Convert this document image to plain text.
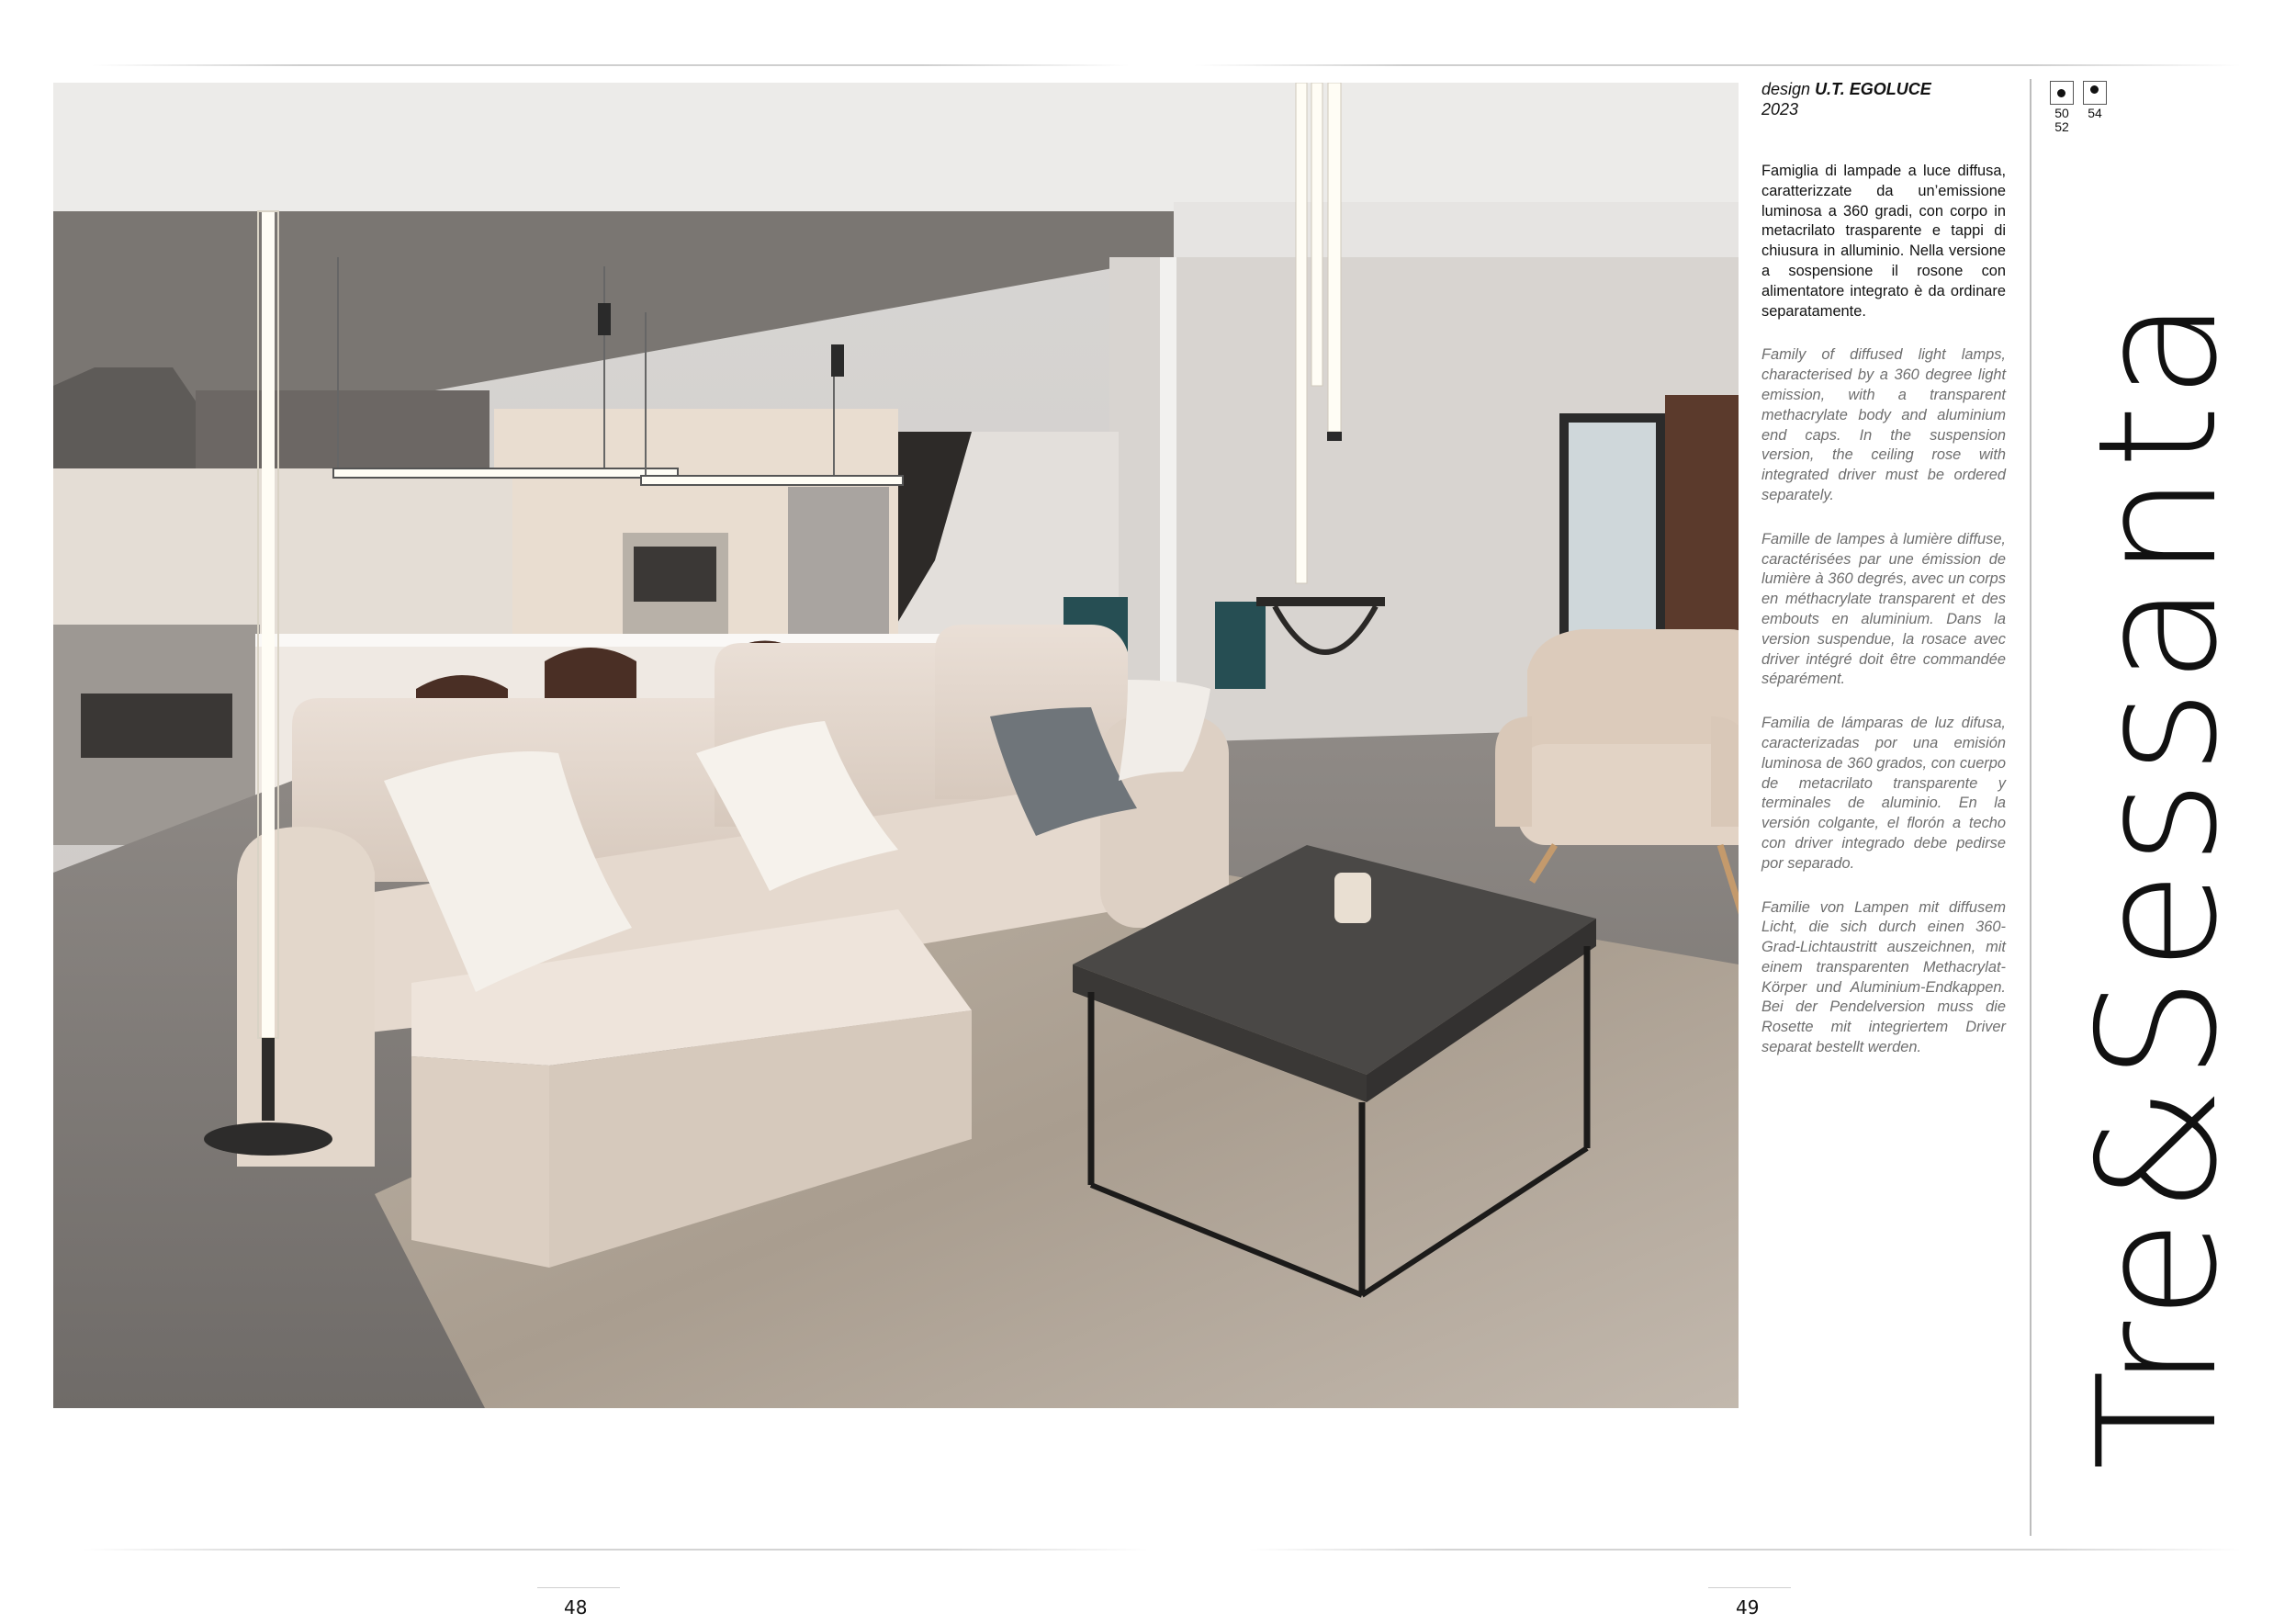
design U.T. EGOLUCE
2023

Famiglia di lampade a luce diffusa, caratterizzate da un’emissione luminosa a 360 gradi, con corpo in metacrilato trasparente e tappi di chiusura in alluminio. Nella versione a sospensione il rosone con alimentatore integrato è da ordinare separatamente.

Family of diffused light lamps, characterised by a 360 degree light emission, with a transparent methacrylate body and aluminium end caps. In the suspension version, the ceiling rose with integrated driver must be ordered separately.

Famille de lampes à lumière diffuse, caractérisées par une émission de lumière à 360 degrés, avec un corps en méthacrylate transparent et des embouts en aluminium. Dans la version suspendue, la rosace avec driver intégré doit être commandée séparément.

Familia de lámparas de luz difusa, caracterizadas por una emisión luminosa de 360 grados, con cuerpo de metacrilato transparente y terminales de aluminio. En la versión colgante, el florón a techo con driver integrado debe pedirse por separado.

Familie von Lampen mit diffusem Licht, die sich durch einen 360-Grad-Lichtaustritt auszeichnen, mit einem transparenten Methacrylat-Körper und Aluminium-Endkappen. Bei der Pendelversion muss die Rosette mit integriertem Driver separat bestellt werden.

50
52
54
Tre&Sessanta
48	49
